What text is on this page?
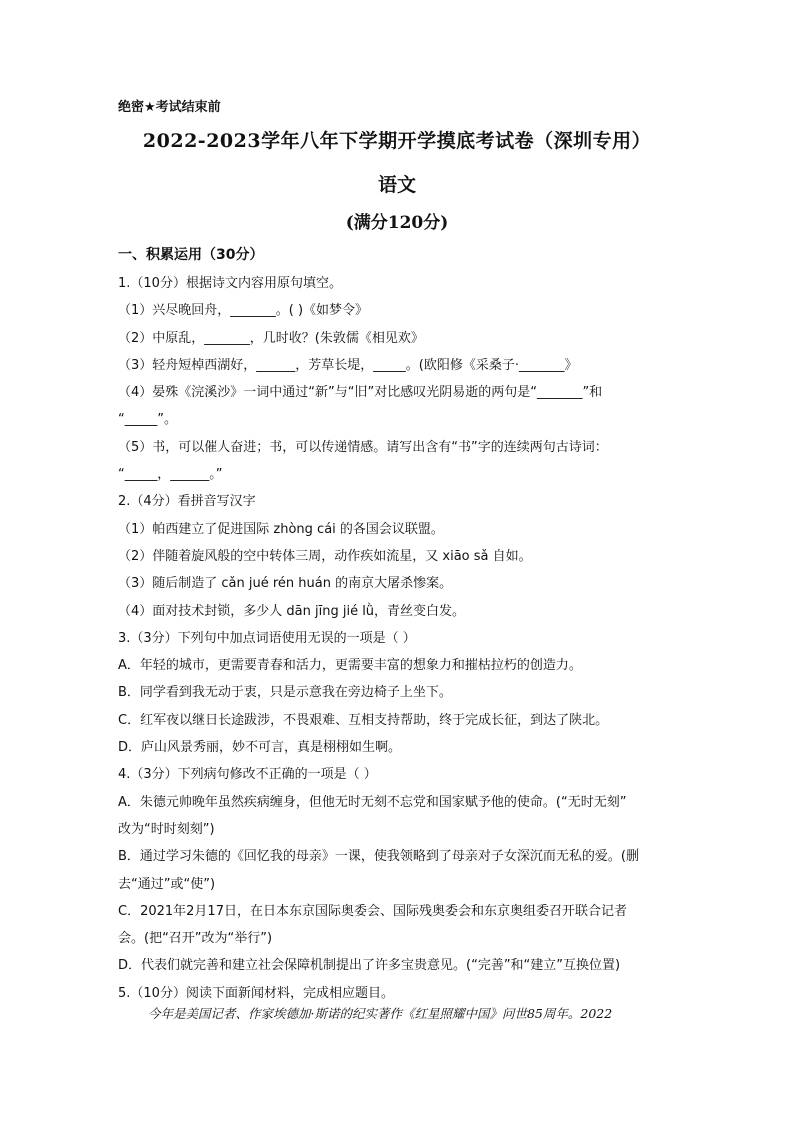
绝密★考试结束前
2022-2023学年八年下学期开学摸底考试卷（深圳专用）
语文
(满分120分)
一、积累运用（30分）
1.（10分）根据诗文内容用原句填空。
（1）兴尽晚回舟，_______。( )《如梦令》
（2）中原乱，_______，几时收？(朱敦儒《相见欢》
（3）轻舟短棹西湖好，______，芳草长堤，_____。(欧阳修《采桑子·_______》
（4）晏殊《浣溪沙》一词中通过“新”与“旧”对比感叹光阴易逝的两句是“_______”和
“_____”。
（5）书，可以催人奋进；书，可以传递情感。请写出含有“书”字的连续两句古诗词：
“_____，______。”
2.（4分）看拼音写汉字
（1）帕西建立了促进国际 zhòng cái 的各国会议联盟。
（2）伴随着旋风般的空中转体三周，动作疾如流星，又 xiāo sǎ 自如。
（3）随后制造了 cǎn jué rén huán 的南京大屠杀惨案。
（4）面对技术封锁，多少人 dān jīng jié lǜ，青丝变白发。
3.（3分）下列句中加点词语使用无误的一项是（ ）
A．年轻的城市，更需要青春和活力，更需要丰富的想象力和摧枯拉朽的创造力。
B．同学看到我无动于衷，只是示意我在旁边椅子上坐下。
C．红军夜以继日长途跋涉，不畏艰难、互相支持帮助，终于完成长征，到达了陕北。
D．庐山风景秀丽，妙不可言，真是栩栩如生啊。
4.（3分）下列病句修改不正确的一项是（ ）
A．朱德元帅晚年虽然疾病缠身，但他无时无刻不忘党和国家赋予他的使命。(“无时无刻”
改为“时时刻刻”)
B．通过学习朱德的《回忆我的母亲》一课，使我领略到了母亲对子女深沉而无私的爱。(删
去“通过”或“使”)
C．2021年2月17日，在日本东京国际奥委会、国际残奥委会和东京奥组委召开联合记者
会。(把“召开”改为“举行”)
D．代表们就完善和建立社会保障机制提出了许多宝贵意见。(“完善”和“建立”互换位置)
5.（10分）阅读下面新闻材料，完成相应题目。
今年是美国记者、作家埃德加·斯诺的纪实著作《红星照耀中国》问世85周年。2022
